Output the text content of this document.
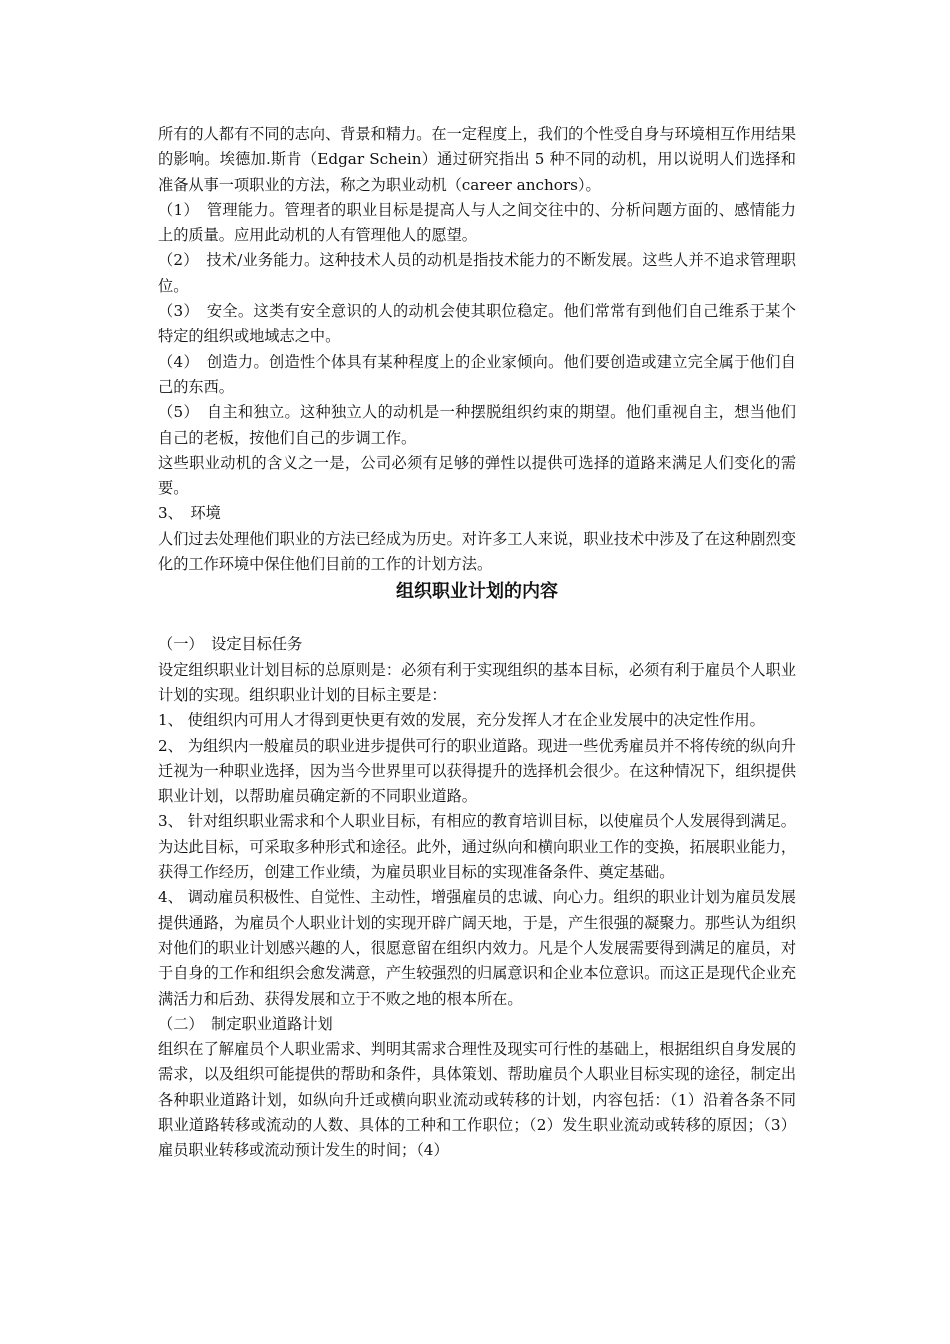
所有的人都有不同的志向、背景和精力。在一定程度上，我们的个性受自身与环境相互作用结果的影响。埃德加.斯肯（Edgar Schein）通过研究指出 5 种不同的动机，用以说明人们选择和准备从事一项职业的方法，称之为职业动机（career anchors）。

（1）　管理能力。管理者的职业目标是提高人与人之间交往中的、分析问题方面的、感情能力上的质量。应用此动机的人有管理他人的愿望。

（2）　技术/业务能力。这种技术人员的动机是指技术能力的不断发展。这些人并不追求管理职位。

（3）　安全。这类有安全意识的人的动机会使其职位稳定。他们常常有到他们自己维系于某个特定的组织或地域志之中。

（4）　创造力。创造性个体具有某种程度上的企业家倾向。他们要创造或建立完全属于他们自己的东西。

（5）　自主和独立。这种独立人的动机是一种摆脱组织约束的期望。他们重视自主，想当他们自己的老板，按他们自己的步调工作。

这些职业动机的含义之一是，公司必须有足够的弹性以提供可选择的道路来满足人们变化的需要。

3、　环境

人们过去处理他们职业的方法已经成为历史。对许多工人来说，职业技术中涉及了在这种剧烈变化的工作环境中保住他们目前的工作的计划方法。

组织职业计划的内容

（一）　设定目标任务

设定组织职业计划目标的总原则是：必须有利于实现组织的基本目标，必须有利于雇员个人职业计划的实现。组织职业计划的目标主要是：

1、 使组织内可用人才得到更快更有效的发展，充分发挥人才在企业发展中的决定性作用。

2、 为组织内一般雇员的职业进步提供可行的职业道路。现进一些优秀雇员并不将传统的纵向升迁视为一种职业选择，因为当今世界里可以获得提升的选择机会很少。在这种情况下，组织提供职业计划，以帮助雇员确定新的不同职业道路。

3、 针对组织职业需求和个人职业目标，有相应的教育培训目标，以使雇员个人发展得到满足。为达此目标，可采取多种形式和途径。此外，通过纵向和横向职业工作的变换，拓展职业能力，获得工作经历，创建工作业绩，为雇员职业目标的实现准备条件、奠定基础。

4、 调动雇员积极性、自觉性、主动性，增强雇员的忠诚、向心力。组织的职业计划为雇员发展提供通路，为雇员个人职业计划的实现开辟广阔天地，于是，产生很强的凝聚力。那些认为组织对他们的职业计划感兴趣的人，很愿意留在组织内效力。凡是个人发展需要得到满足的雇员，对于自身的工作和组织会愈发满意，产生较强烈的归属意识和企业本位意识。而这正是现代企业充满活力和后劲、获得发展和立于不败之地的根本所在。

（二）　制定职业道路计划

组织在了解雇员个人职业需求、判明其需求合理性及现实可行性的基础上，根据组织自身发展的需求，以及组织可能提供的帮助和条件，具体策划、帮助雇员个人职业目标实现的途径，制定出各种职业道路计划，如纵向升迁或横向职业流动或转移的计划，内容包括：（1）沿着各条不同职业道路转移或流动的人数、具体的工种和工作职位；（2）发生职业流动或转移的原因；（3）雇员职业转移或流动预计发生的时间；（4）
